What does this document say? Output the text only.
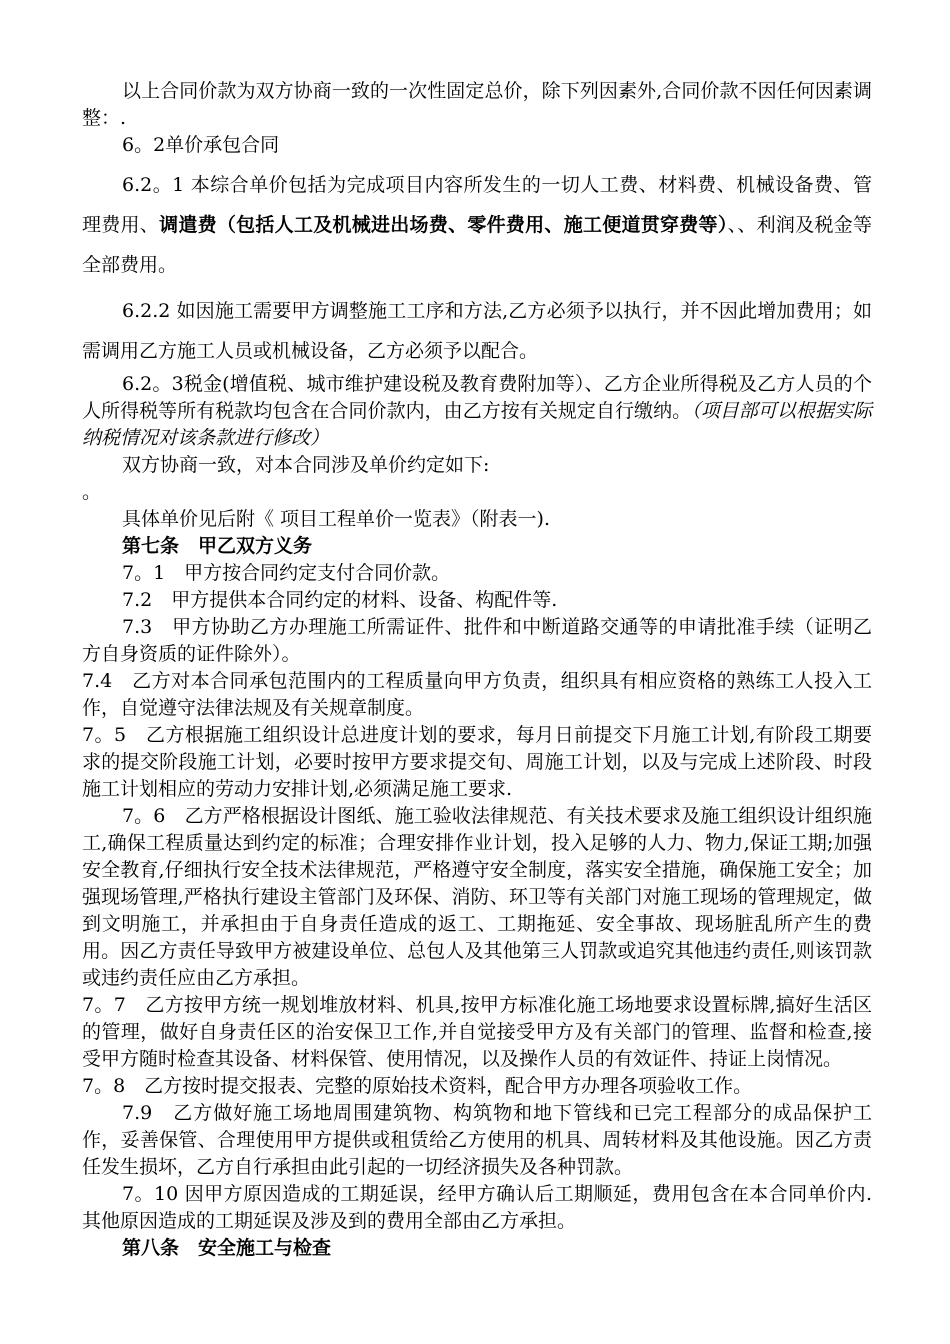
以上合同价款为双方协商一致的一次性固定总价，除下列因素外,合同价款不因任何因素调整：.

6。2单价承包合同

6.2。1 本综合单价包括为完成项目内容所发生的一切人工费、材料费、机械设备费、管理费用、调遣费（包括人工及机械进出场费、零件费用、施工便道贯穿费等）、、利润及税金等全部费用。

6.2.2 如因施工需要甲方调整施工工序和方法,乙方必须予以执行，并不因此增加费用；如需调用乙方施工人员或机械设备，乙方必须予以配合。

6.2。3税金(增值税、城市维护建设税及教育费附加等）、乙方企业所得税及乙方人员的个人所得税等所有税款均包含在合同价款内，由乙方按有关规定自行缴纳。（项目部可以根据实际纳税情况对该条款进行修改）

双方协商一致，对本合同涉及单价约定如下:

。

具体单价见后附《 项目工程单价一览表》（附表一).

第七条　甲乙双方义务

7。1　甲方按合同约定支付合同价款。

7.2　甲方提供本合同约定的材料、设备、构配件等.

7.3　甲方协助乙方办理施工所需证件、批件和中断道路交通等的申请批准手续（证明乙方自身资质的证件除外）。

7.4　乙方对本合同承包范围内的工程质量向甲方负责，组织具有相应资格的熟练工人投入工作，自觉遵守法律法规及有关规章制度。

7。5　乙方根据施工组织设计总进度计划的要求，每月日前提交下月施工计划,有阶段工期要求的提交阶段施工计划，必要时按甲方要求提交旬、周施工计划，以及与完成上述阶段、时段施工计划相应的劳动力安排计划,必须满足施工要求.

7。6　乙方严格根据设计图纸、施工验收法律规范、有关技术要求及施工组织设计组织施工,确保工程质量达到约定的标准；合理安排作业计划，投入足够的人力、物力,保证工期;加强安全教育,仔细执行安全技术法律规范，严格遵守安全制度，落实安全措施，确保施工安全；加强现场管理,严格执行建设主管部门及环保、消防、环卫等有关部门对施工现场的管理规定，做到文明施工，并承担由于自身责任造成的返工、工期拖延、安全事故、现场脏乱所产生的费用。因乙方责任导致甲方被建设单位、总包人及其他第三人罚款或追究其他违约责任,则该罚款或违约责任应由乙方承担。

7。7　乙方按甲方统一规划堆放材料、机具,按甲方标准化施工场地要求设置标牌,搞好生活区的管理，做好自身责任区的治安保卫工作,并自觉接受甲方及有关部门的管理、监督和检查,接受甲方随时检查其设备、材料保管、使用情况，以及操作人员的有效证件、持证上岗情况。

7。8　乙方按时提交报表、完整的原始技术资料，配合甲方办理各项验收工作。

7.9　乙方做好施工场地周围建筑物、构筑物和地下管线和已完工程部分的成品保护工作，妥善保管、合理使用甲方提供或租赁给乙方使用的机具、周转材料及其他设施。因乙方责任发生损坏，乙方自行承担由此引起的一切经济损失及各种罚款。

7。10 因甲方原因造成的工期延误，经甲方确认后工期顺延，费用包含在本合同单价内.其他原因造成的工期延误及涉及到的费用全部由乙方承担。

第八条　安全施工与检查
